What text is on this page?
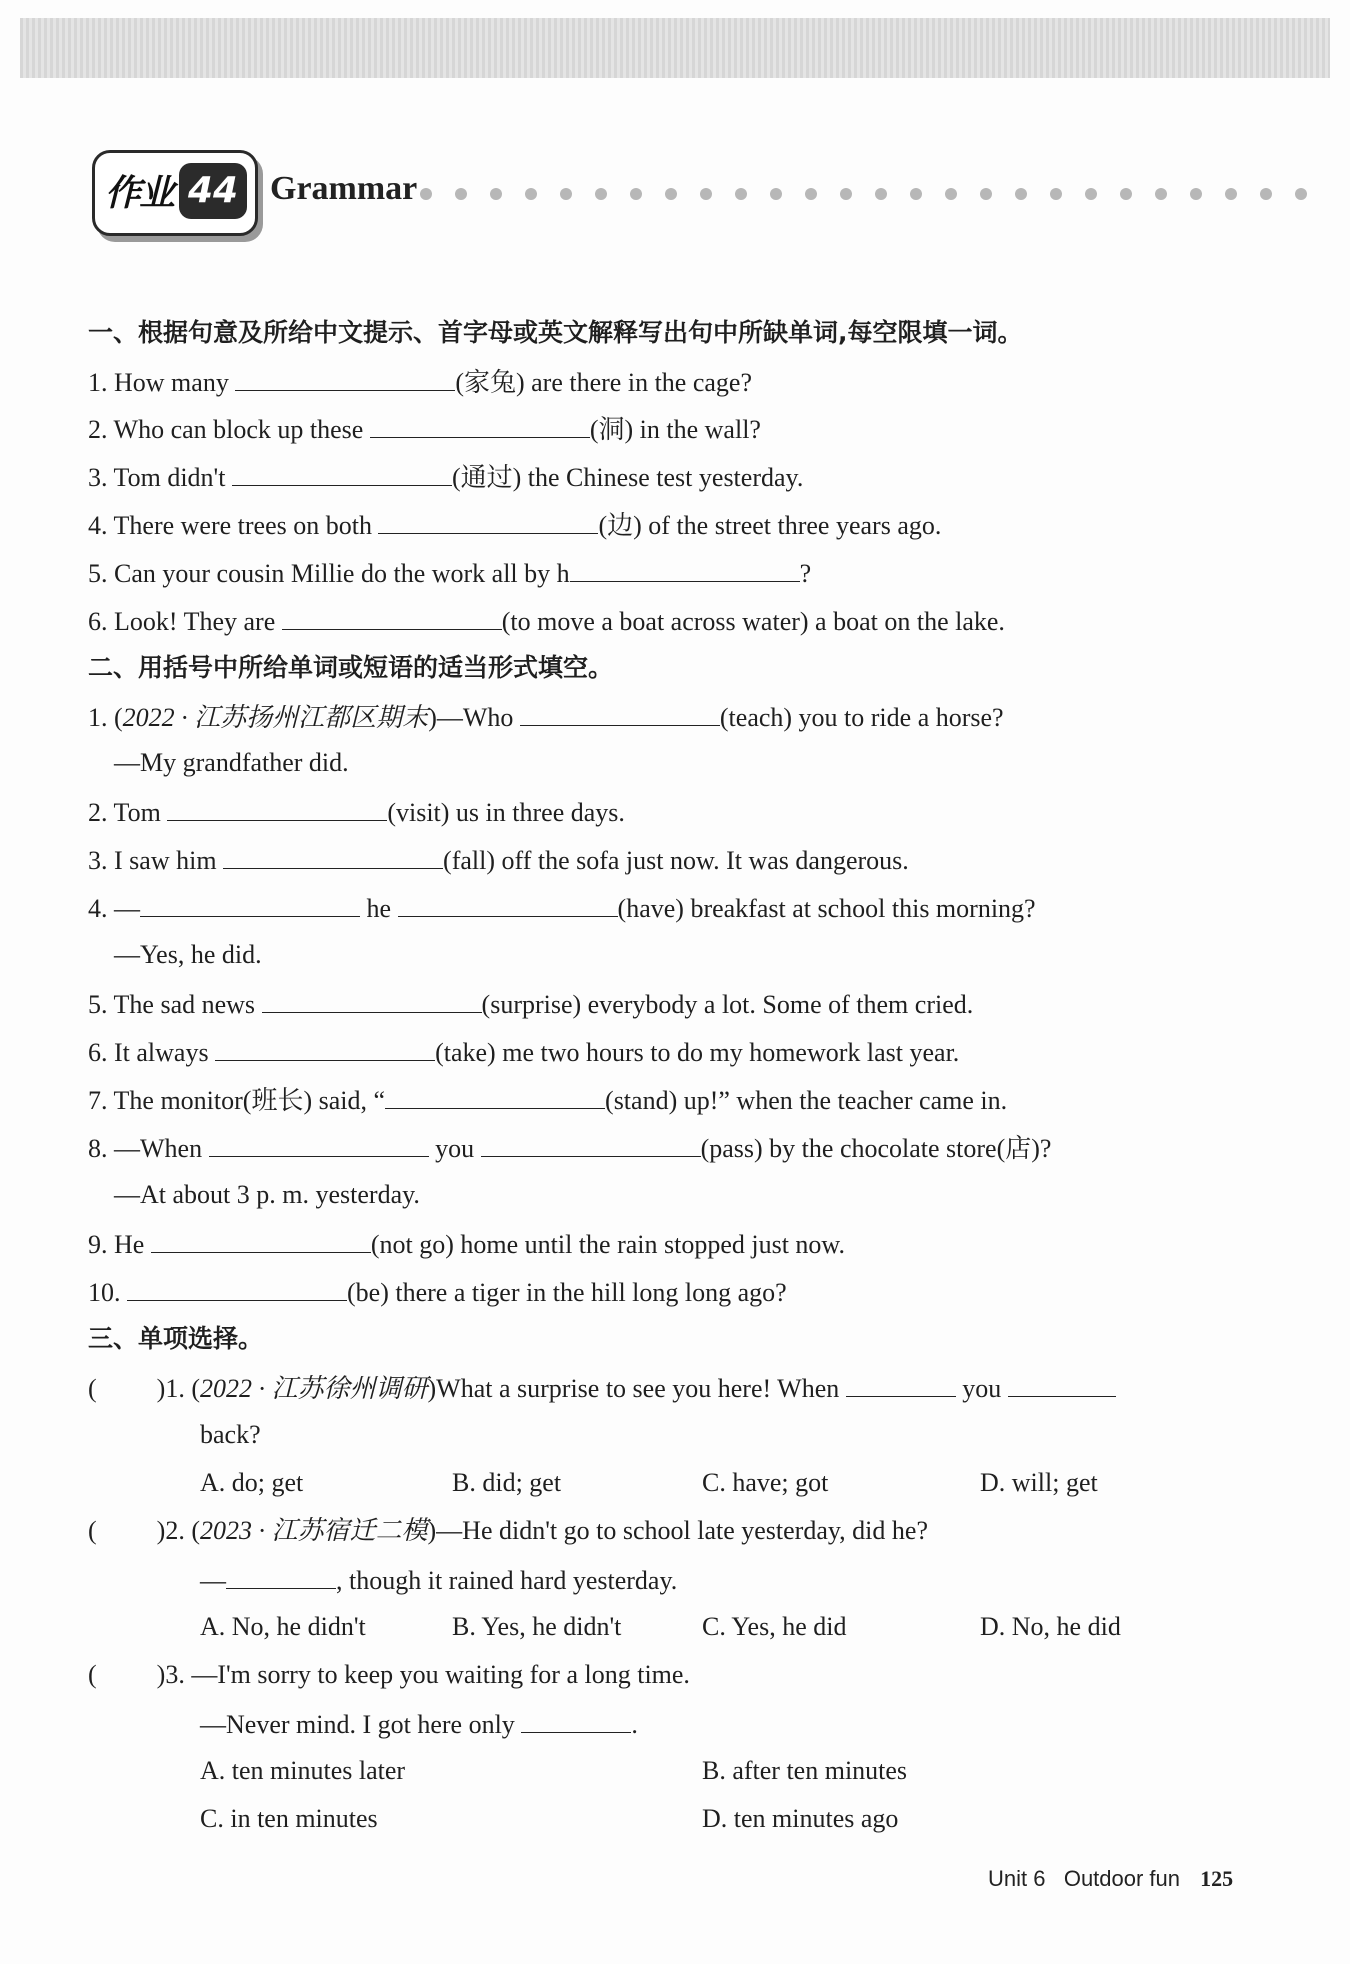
作业 44 Grammar
一、根据句意及所给中文提示、首字母或英文解释写出句中所缺单词,每空限填一词。
1. How many	(家兔) are there in the cage?
2. Who can block up these	(洞) in the wall?
3. Tom didn't	(通过) the Chinese test yesterday.
4. There were trees on both	(边) of the street three years ago.
5. Can your cousin Millie do the work all by h	?
6. Look! They are	(to move a boat across water) a boat on the lake.
二、用括号中所给单词或短语的适当形式填空。
1. (2022 · 江苏扬州江都区期末)—Who	(teach) you to ride a horse?
—My grandfather did.
2. Tom	(visit) us in three days.
3. I saw him	(fall) off the sofa just now. It was dangerous.
4. —	he	(have) breakfast at school this morning?
—Yes, he did.
5. The sad news	(surprise) everybody a lot. Some of them cried.
6. It always	(take) me two hours to do my homework last year.
7. The monitor(班长) said, “	(stand) up!” when the teacher came in.
8. —When	you	(pass) by the chocolate store(店)?
—At about 3 p. m. yesterday.
9. He	(not go) home until the rain stopped just now.
10.	(be) there a tiger in the hill long long ago?
三、单项选择。
( )1. (2022 · 江苏徐州调研)What a surprise to see you here! When	you
back?
A. do; get	B. did; get	C. have; got	D. will; get
( )2. (2023 · 江苏宿迁二模)—He didn't go to school late yesterday, did he?
—	, though it rained hard yesterday.
A. No, he didn't	B. Yes, he didn't	C. Yes, he did	D. No, he did
( )3. —I'm sorry to keep you waiting for a long time.
—Never mind. I got here only	.
A. ten minutes later	B. after ten minutes
C. in ten minutes	D. ten minutes ago
Unit 6 Outdoor fun 125
